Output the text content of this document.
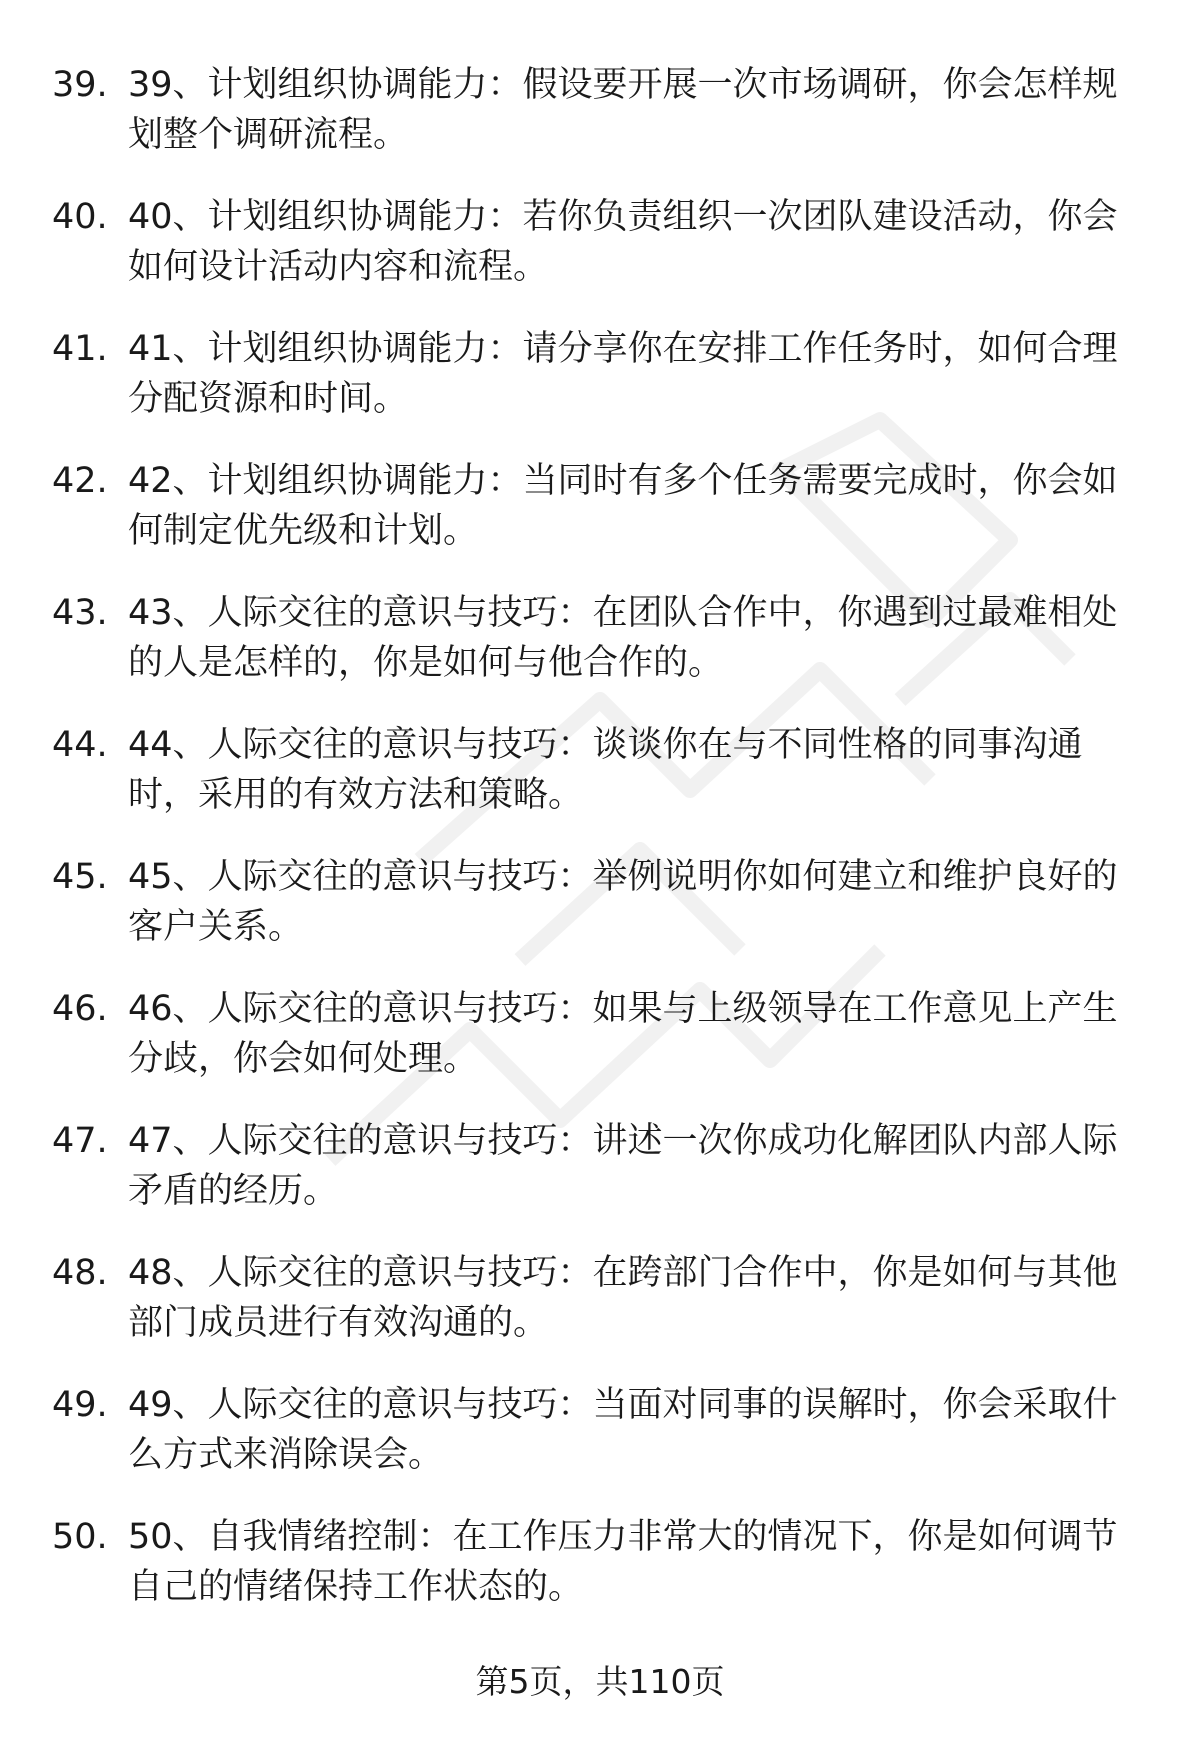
39. 39、计划组织协调能力：假设要开展一次市场调研，你会怎样规划整个调研流程。
40. 40、计划组织协调能力：若你负责组织一次团队建设活动，你会如何设计活动内容和流程。
41. 41、计划组织协调能力：请分享你在安排工作任务时，如何合理分配资源和时间。
42. 42、计划组织协调能力：当同时有多个任务需要完成时，你会如何制定优先级和计划。
43. 43、人际交往的意识与技巧：在团队合作中，你遇到过最难相处的人是怎样的，你是如何与他合作的。
44. 44、人际交往的意识与技巧：谈谈你在与不同性格的同事沟通时，采用的有效方法和策略。
45. 45、人际交往的意识与技巧：举例说明你如何建立和维护良好的客户关系。
46. 46、人际交往的意识与技巧：如果与上级领导在工作意见上产生分歧，你会如何处理。
47. 47、人际交往的意识与技巧：讲述一次你成功化解团队内部人际矛盾的经历。
48. 48、人际交往的意识与技巧：在跨部门合作中，你是如何与其他部门成员进行有效沟通的。
49. 49、人际交往的意识与技巧：当面对同事的误解时，你会采取什么方式来消除误会。
50. 50、自我情绪控制：在工作压力非常大的情况下，你是如何调节自己的情绪保持工作状态的。
第5页，共110页
